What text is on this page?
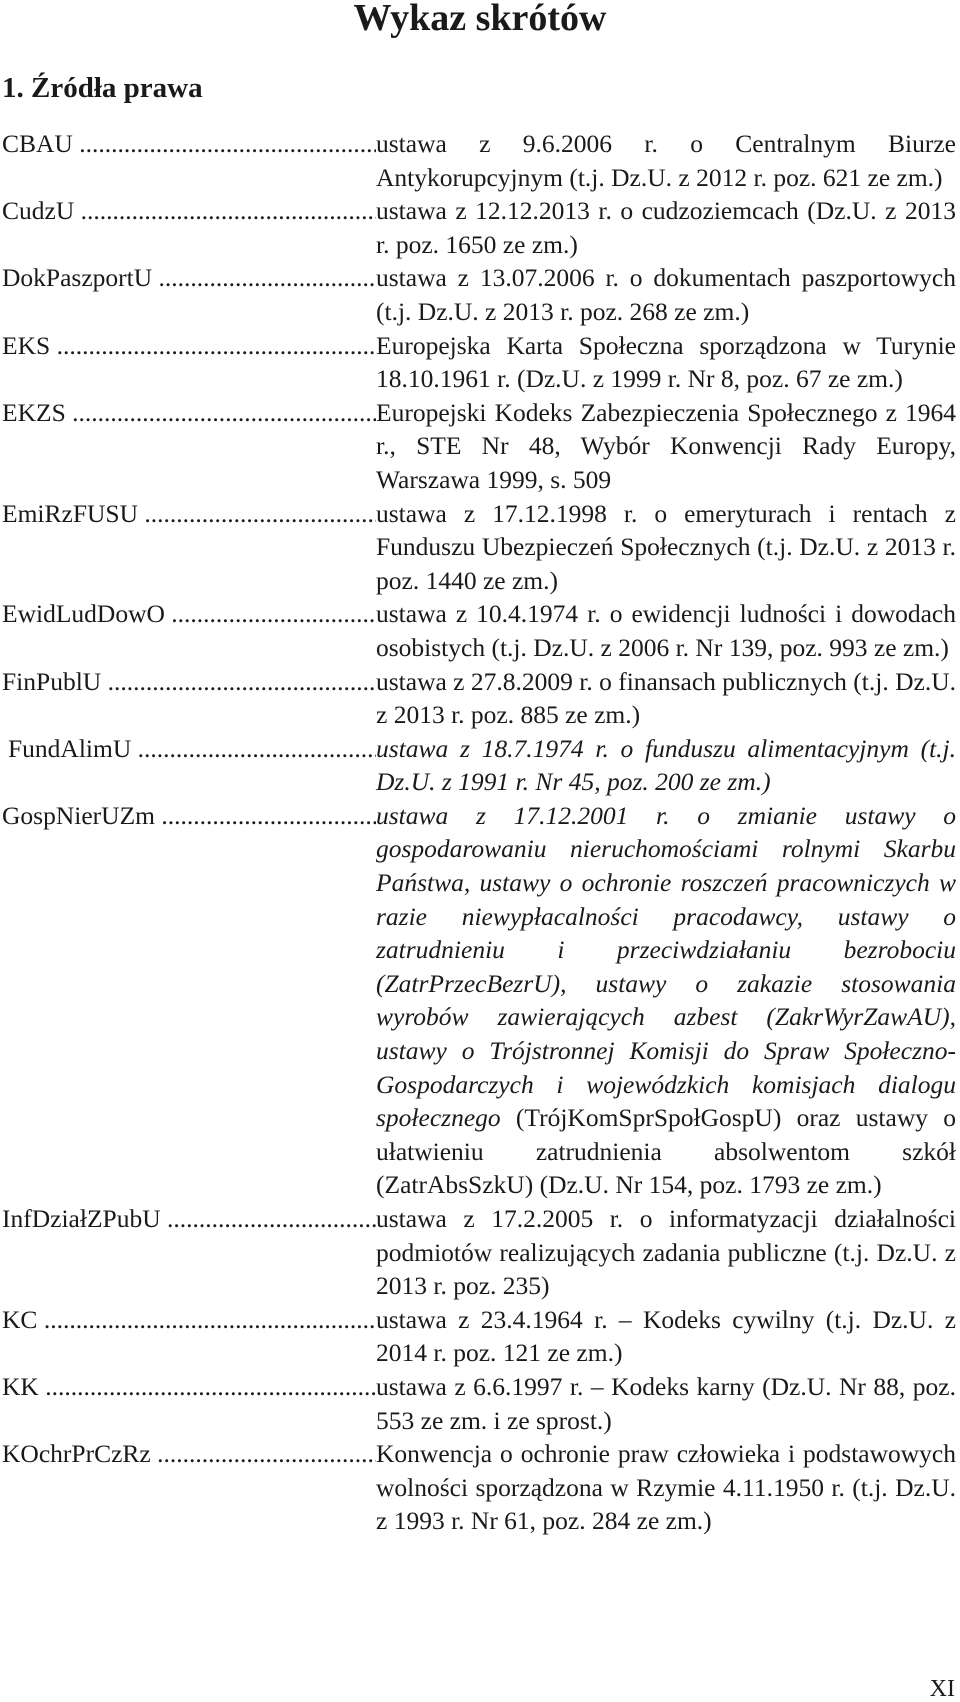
Wykaz skrótów
1. Źródła prawa
CBAU .....	ustawa z 9.6.2006 r. o Centralnym Biurze Antykorupcyjnym (t.j. Dz.U. z 2012 r. poz. 621 ze zm.)
CudzU .....	ustawa z 12.12.2013 r. o cudzoziemcach (Dz.U. z 2013 r. poz. 1650 ze zm.)
DokPaszportU .....	ustawa z 13.07.2006 r. o dokumentach paszportowych (t.j. Dz.U. z 2013 r. poz. 268 ze zm.)
EKS .....	Europejska Karta Społeczna sporządzona w Turynie 18.10.1961 r. (Dz.U. z 1999 r. Nr 8, poz. 67 ze zm.)
EKZS .....	Europejski Kodeks Zabezpieczenia Społecznego z 1964 r., STE Nr 48, Wybór Konwencji Rady Europy, Warszawa 1999, s. 509
EmiRzFUSU .....	ustawa z 17.12.1998 r. o emeryturach i rentach z Funduszu Ubezpieczeń Społecznych (t.j. Dz.U. z 2013 r. poz. 1440 ze zm.)
EwidLudDowO .....	ustawa z 10.4.1974 r. o ewidencji ludności i dowodach osobistych (t.j. Dz.U. z 2006 r. Nr 139, poz. 993 ze zm.)
FinPublU .....	ustawa z 27.8.2009 r. o finansach publicznych (t.j. Dz.U. z 2013 r. poz. 885 ze zm.)
FundAlimU .....	ustawa z 18.7.1974 r. o funduszu alimentacyjnym (t.j. Dz.U. z 1991 r. Nr 45, poz. 200 ze zm.)
GospNierUZm .....	ustawa z 17.12.2001 r. o zmianie ustawy o gospodarowaniu nieruchomościami rolnymi Skarbu Państwa, ustawy o ochronie roszczeń pracowniczych w razie niewypłacalności pracodawcy, ustawy o zatrudnieniu i przeciwdziałaniu bezrobociu (ZatrPrzecBezrU), ustawy o zakazie stosowania wyrobów zawierających azbest (ZakrWyrZawAU), ustawy o Trójstronnej Komisji do Spraw Społeczno-Gospodarczych i wojewódzkich komisjach dialogu społecznego (TrójKomSprSpołGospU) oraz ustawy o ułatwieniu zatrudnienia absolwentom szkół (ZatrAbsSzkU) (Dz.U. Nr 154, poz. 1793 ze zm.)
InfDziałZPubU .....	ustawa z 17.2.2005 r. o informatyzacji działalności podmiotów realizujących zadania publiczne (t.j. Dz.U. z 2013 r. poz. 235)
KC .....	ustawa z 23.4.1964 r. – Kodeks cywilny (t.j. Dz.U. z 2014 r. poz. 121 ze zm.)
KK .....	ustawa z 6.6.1997 r. – Kodeks karny (Dz.U. Nr 88, poz. 553 ze zm. i ze sprost.)
KOchrPrCzRz .....	Konwencja o ochronie praw człowieka i podstawowych wolności sporządzona w Rzymie 4.11.1950 r. (t.j. Dz.U. z 1993 r. Nr 61, poz. 284 ze zm.)
XI
